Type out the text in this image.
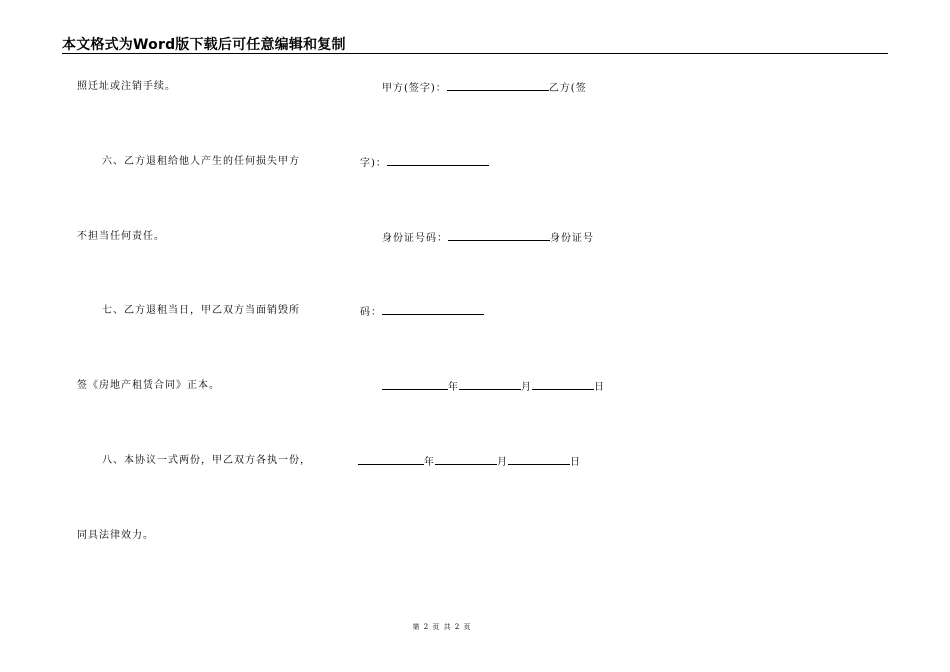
本文格式为Word版下载后可任意编辑和复制
照迁址或注销手续。
六、乙方退租给他人产生的任何损失甲方
不担当任何责任。
七、乙方退租当日，甲乙双方当面销毁所
签《房地产租赁合同》正本。
八、本协议一式两份，甲乙双方各执一份，
同具法律效力。
甲方(签字)：	乙方(签
字)：
身份证号码：	身份证号
码：
年	月	日
年	月	日
第 2 页 共 2 页
